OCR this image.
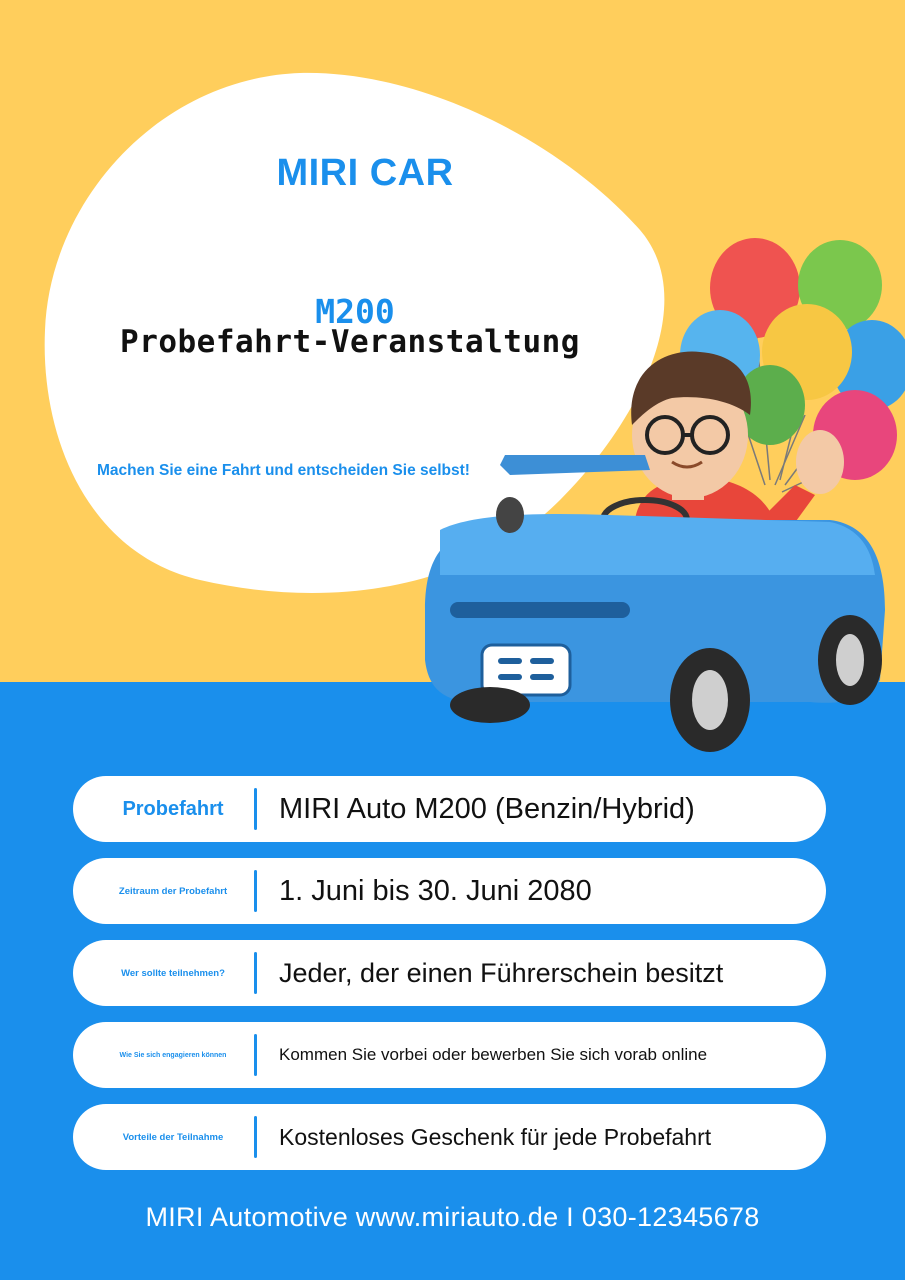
MIRI CAR
M200
Probefahrt-Veranstaltung
Machen Sie eine Fahrt und entscheiden Sie selbst!
Probefahrt	MIRI Auto M200 (Benzin/Hybrid)
Zeitraum der Probefahrt	1. Juni bis 30. Juni 2080
Wer sollte teilnehmen?	Jeder, der einen Führerschein besitzt
Wie Sie sich engagieren können	Kommen Sie vorbei oder bewerben Sie sich vorab online
Vorteile der Teilnahme	Kostenloses Geschenk für jede Probefahrt
MIRI Automotive www.miriauto.de I 030-12345678
